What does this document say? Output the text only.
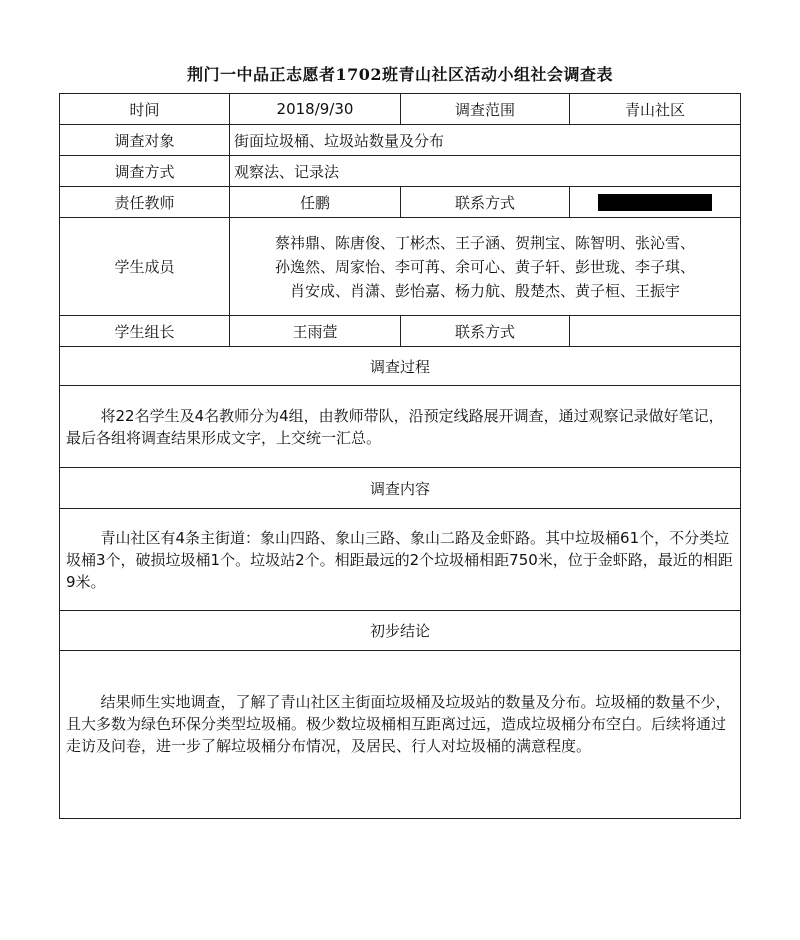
荆门一中品正志愿者1702班青山社区活动小组社会调查表
时间	2018/9/30	调查范围	青山社区
调查对象	街面垃圾桶、垃圾站数量及分布		
调查方式	观察法、记录法		
责任教师	任鹏	联系方式	
学生成员	蔡祎鼎、陈唐俊、丁彬杰、王子涵、贺荆宝、陈智明、张沁雪、
孙逸然、周家怡、李可苒、余可心、黄子轩、彭世珑、李子琪、
肖安成、肖潇、彭怡嘉、杨力航、殷楚杰、黄子桓、王振宇		

学生组长	王雨萱	联系方式	
调查过程			

将22名学生及4名教师分为4组，由教师带队，沿预定线路展开调查，通过观察记录做好笔记，最后各组将调查结果形成文字，上交统一汇总。			

调查内容			

青山社区有4条主街道：象山四路、象山三路、象山二路及金虾路。其中垃圾桶61个，不分类垃圾桶3个，破损垃圾桶1个。垃圾站2个。相距最远的2个垃圾桶相距750米，位于金虾路，最近的相距9米。			

初步结论			

结果师生实地调查，了解了青山社区主街面垃圾桶及垃圾站的数量及分布。垃圾桶的数量不少，且大多数为绿色环保分类型垃圾桶。极少数垃圾桶相互距离过远，造成垃圾桶分布空白。后续将通过走访及问卷，进一步了解垃圾桶分布情况，及居民、行人对垃圾桶的满意程度。			
